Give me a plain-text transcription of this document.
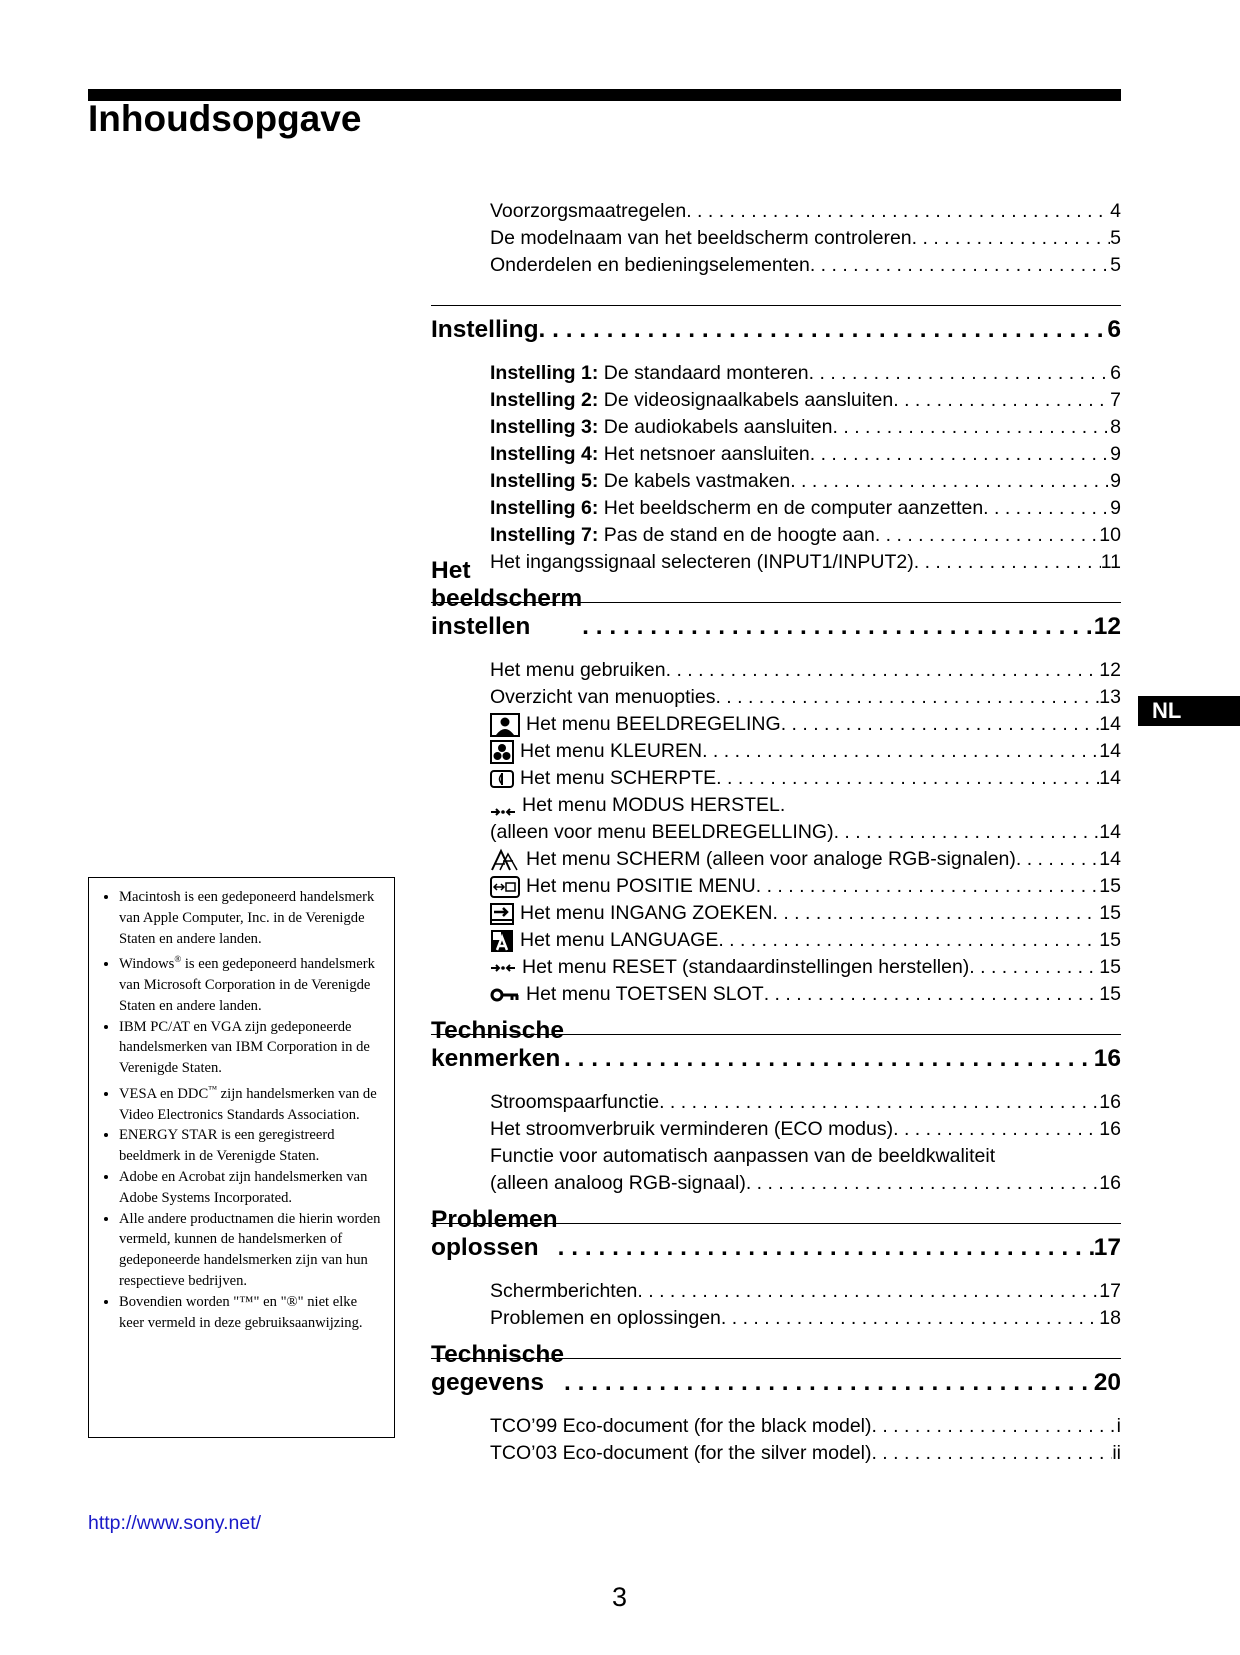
Inhoudsopgave
Voorzorgsmaatregelen . . .	4
De modelnaam van het beeldscherm controleren . . .	5
Onderdelen en bedieningselementen . . .	5
Instelling . . .	6
Instelling 1: De standaard monteren . . .	6
Instelling 2: De videosignaalkabels aansluiten . . .	7
Instelling 3: De audiokabels aansluiten . . .	8
Instelling 4: Het netsnoer aansluiten . . .	9
Instelling 5: De kabels vastmaken . . .	9
Instelling 6: Het beeldscherm en de computer aanzetten . . .	9
Instelling 7: Pas de stand en de hoogte aan . . .	10
Het ingangssignaal selecteren (INPUT1/INPUT2) . . .	11
Het beeldscherm instellen . . .	12
Het menu gebruiken . . .	12
Overzicht van menuopties . . .	13
Het menu BEELDREGELING . . .	14
Het menu KLEUREN . . .	14
Het menu SCHERPTE . . .	14
Het menu MODUS HERSTEL.
(alleen voor menu BEELDREGELLING) . . .	14
Het menu SCHERM (alleen voor analoge RGB-signalen) . . .	14
Het menu POSITIE MENU . . .	15
Het menu INGANG ZOEKEN . . .	15
Het menu LANGUAGE . . .	15
Het menu RESET (standaardinstellingen herstellen) . . .	15
Het menu TOETSEN SLOT . . .	15
Technische kenmerken . . .	16
Stroomspaarfunctie . . .	16
Het stroomverbruik verminderen (ECO modus) . . .	16
Functie voor automatisch aanpassen van de beeldkwaliteit
(alleen analoog RGB-signaal) . . .	16
Problemen oplossen . . .	17
Schermberichten . . .	17
Problemen en oplossingen . . .	18
Technische gegevens . . .	20
TCO’99 Eco-document (for the black model) . . .	i
TCO’03 Eco-document (for the silver model) . . .	ii
NL
• Macintosh is een gedeponeerd handelsmerk van Apple Computer, Inc. in de Verenigde Staten en andere landen.
• Windows® is een gedeponeerd handelsmerk van Microsoft Corporation in de Verenigde Staten en andere landen.
• IBM PC/AT en VGA zijn gedeponeerde handelsmerken van IBM Corporation in de Verenigde Staten.
• VESA en DDC™ zijn handelsmerken van de Video Electronics Standards Association.
• ENERGY STAR is een geregistreerd beeldmerk in de Verenigde Staten.
• Adobe en Acrobat zijn handelsmerken van Adobe Systems Incorporated.
• Alle andere productnamen die hierin worden vermeld, kunnen de handelsmerken of gedeponeerde handelsmerken zijn van hun respectieve bedrijven.
• Bovendien worden "™" en "®" niet elke keer vermeld in deze gebruiksaanwijzing.
http://www.sony.net/
3
